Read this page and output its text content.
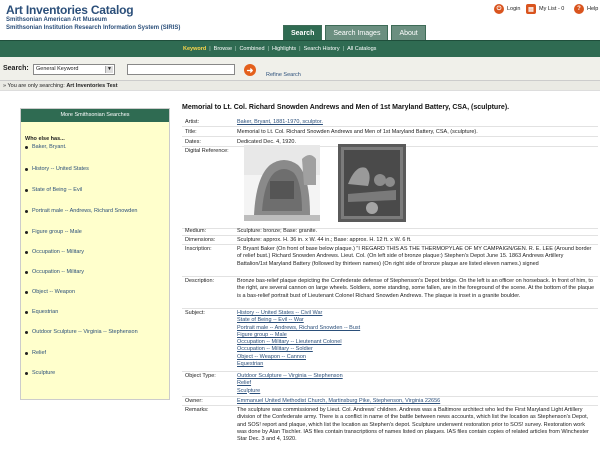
Art Inventories Catalog
Smithsonian American Art Museum
Smithsonian Institution Research Information System (SIRIS)
⏻	Login	▤ My List - 0	?	Help
Search	Search Images	About
Keyword | Browse | Combined | Highlights | Search History | All Catalogs
Search:	General Keyword	▼	➜
Refine Search
» You are only searching: Art Inventories Test
More Smithsonian Searches
Who else has...
Baker, Bryant.
History -- United States
State of Being -- Evil
Portrait male -- Andrews, Richard Snowden
Figure group -- Male
Occupation -- Military
Occupation -- Military
Object -- Weapon
Equestrian
Outdoor Sculpture -- Virginia -- Stephenson
Relief
Sculpture
Memorial to Lt. Col. Richard Snowden Andrews and Men of 1st Maryland Battery, CSA, (sculpture).
Artist:	Baker, Bryant, 1881-1970, sculptor.
Title:	Memorial to Lt. Col. Richard Snowden Andrews and Men of 1st Maryland Battery, CSA, (sculpture).
Dates:	Dedicated Dec. 4, 1920.
Digital Reference:
Medium:	Sculpture: bronze; Base: granite.
Dimensions:	Sculpture: approx. H. 36 in. x W. 44 in.; Base: approx. H. 12 ft. x W. 6 ft.
Inscription:	P. Bryant Baker (On front of base below plaque.) "I REGARD THIS AS THE THERMOPYLAE OF MY CAMPAIGN/GEN. R. E. LEE (Around border of relief bust.) Richard Snowden Andrews. Lieut. Col. (On left side of bronze plaque:) Stephen's Depot June 15. 1863 Andrews Artillery Battalion/1st Maryland Battery (followed by thirteen names) (On right side of bronze plaque are listed eleven names.) signed
Description:	Bronze bas-relief plaque depicting the Confederate defense of Stephenson's Depot bridge. On the left is an officer on horseback. In front of him, to the right, are several cannon on large wheels. Soldiers, some standing, some fallen, are in the foreground of the scene. At the bottom of the plaque is a bas-relief portrait bust of Lieutenant Colonel Richard Snowden Andrews. The plaque is inset in a granite boulder.
Subject:	History -- United States -- Civil War
State of Being -- Evil -- War
Portrait male -- Andrews, Richard Snowden -- Bust
Figure group -- Male
Occupation -- Military -- Lieutenant Colonel
Occupation -- Military -- Soldier
Object -- Weapon -- Cannon
Equestrian
Object Type:	Outdoor Sculpture -- Virginia -- Stephenson
Relief
Sculpture
Owner:	Emmanuel United Methodist Church, Martinsburg Pike, Stephenson, Virginia 22656
Remarks:	The sculpture was commissioned by Lieut. Col. Andrews' children. Andrews was a Baltimore architect who led the First Maryland Light Artillery division of the Confederate army. There is a conflict in name of the battle between news accounts, which list the location as Stephenson's Depot, and SOS! report and plaque, which list the location as Stephen's depot. Sculpture underwent restoration prior to SOS! survey. Restoration work was done by Alan Tischler. IAS files contain transcriptions of names listed on plaques. IAS files contain copies of related articles from Winchester Star Dec. 3 and 4, 1920.
